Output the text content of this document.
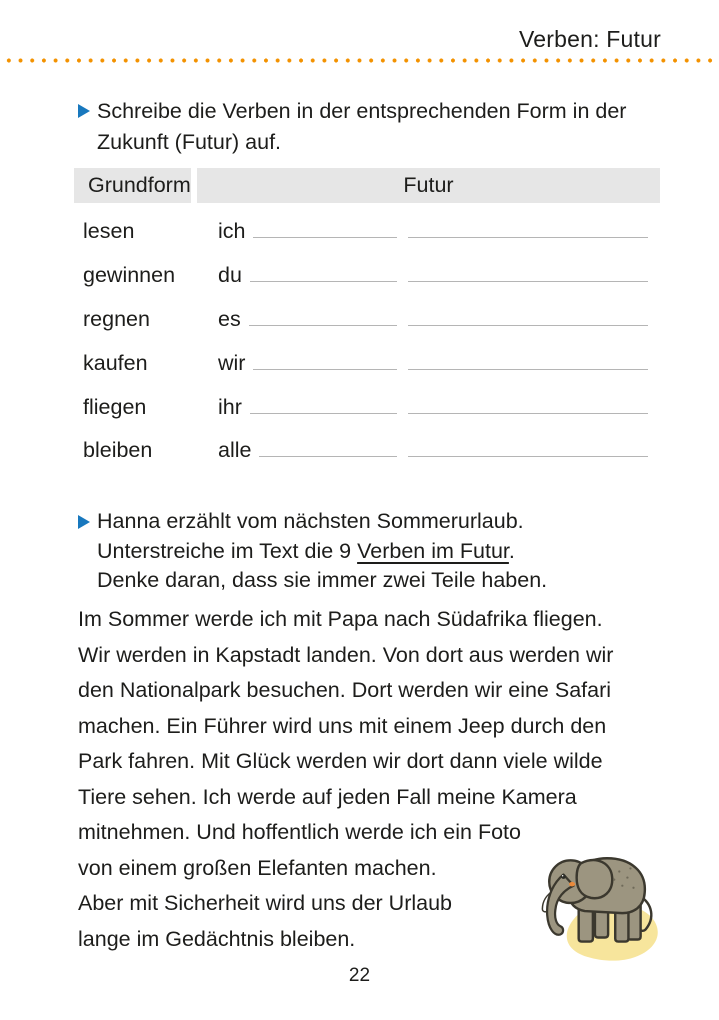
Verben: Futur
Schreibe die Verben in der entsprechenden Form in der
Zukunft (Futur) auf.
Grundform	Futur
lesen	ich
gewinnen	du
regnen	es
kaufen	wir
fliegen	ihr
bleiben	alle
Hanna erzählt vom nächsten Sommerurlaub.
Unterstreiche im Text die 9 Verben im Futur.
Denke daran, dass sie immer zwei Teile haben.
Im Sommer werde ich mit Papa nach Südafrika fliegen.
Wir werden in Kapstadt landen. Von dort aus werden wir
den Nationalpark besuchen. Dort werden wir eine Safari
machen. Ein Führer wird uns mit einem Jeep durch den
Park fahren. Mit Glück werden wir dort dann viele wilde
Tiere sehen. Ich werde auf jeden Fall meine Kamera
mitnehmen. Und hoffentlich werde ich ein Foto
von einem großen Elefanten machen.
Aber mit Sicherheit wird uns der Urlaub
lange im Gedächtnis bleiben.
22
